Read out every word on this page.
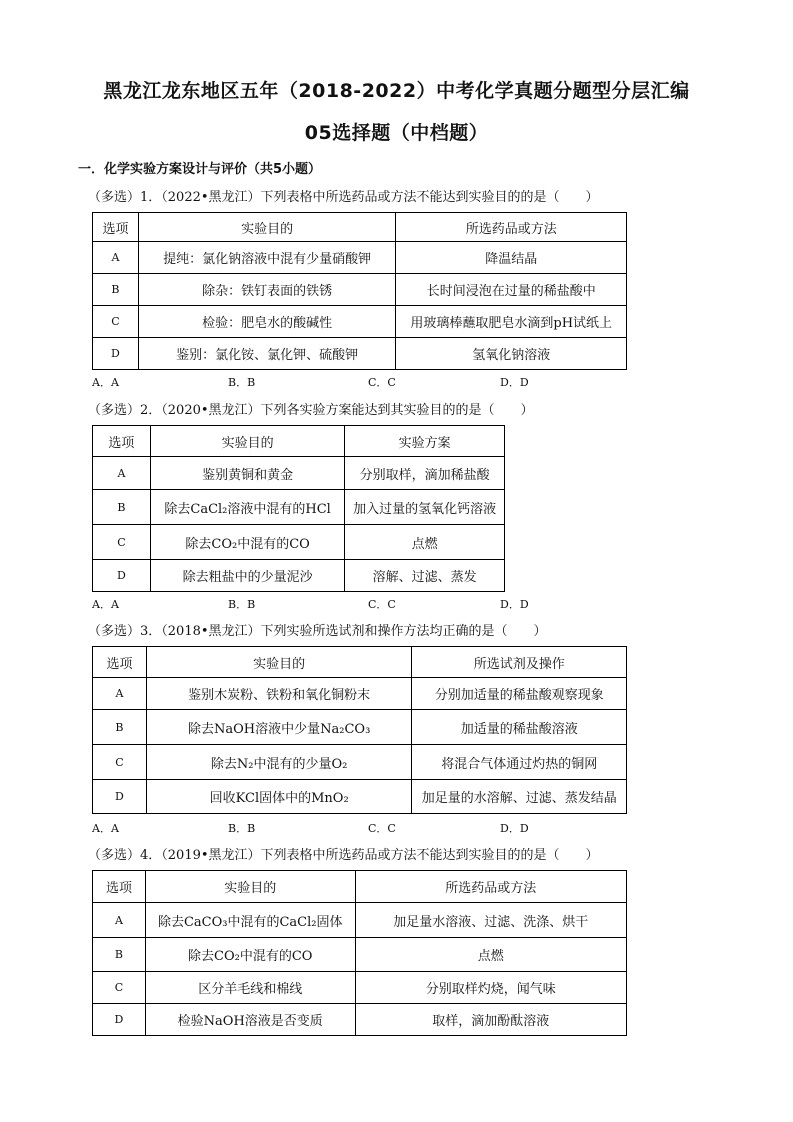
黑龙江龙东地区五年（2018-2022）中考化学真题分题型分层汇编
05选择题（中档题）
一．化学实验方案设计与评价（共5小题）
（多选）1．（2022•黑龙江）下列表格中所选药品或方法不能达到实验目的的是（　　）
选项	实验目的	所选药品或方法
A	提纯：氯化钠溶液中混有少量硝酸钾	降温结晶
B	除杂：铁钉表面的铁锈	长时间浸泡在过量的稀盐酸中
C	检验：肥皂水的酸碱性	用玻璃棒蘸取肥皂水滴到pH试纸上
D	鉴别：氯化铵、氯化钾、硫酸钾	氢氧化钠溶液
A．A	B．B	C．C	D．D
（多选）2．（2020•黑龙江）下列各实验方案能达到其实验目的的是（　　）
选项	实验目的	实验方案
A	鉴别黄铜和黄金	分别取样，滴加稀盐酸
B	除去CaCl₂溶液中混有的HCl	加入过量的氢氧化钙溶液
C	除去CO₂中混有的CO	点燃
D	除去粗盐中的少量泥沙	溶解、过滤、蒸发
A．A	B．B	C．C	D．D
（多选）3．（2018•黑龙江）下列实验所选试剂和操作方法均正确的是（　　）
选项	实验目的	所选试剂及操作
A	鉴别木炭粉、铁粉和氧化铜粉末	分别加适量的稀盐酸观察现象
B	除去NaOH溶液中少量Na₂CO₃	加适量的稀盐酸溶液
C	除去N₂中混有的少量O₂	将混合气体通过灼热的铜网
D	回收KCl固体中的MnO₂	加足量的水溶解、过滤、蒸发结晶
A．A	B．B	C．C	D．D
（多选）4．（2019•黑龙江）下列表格中所选药品或方法不能达到实验目的的是（　　）
选项	实验目的	所选药品或方法
A	除去CaCO₃中混有的CaCl₂固体	加足量水溶液、过滤、洗涤、烘干
B	除去CO₂中混有的CO	点燃
C	区分羊毛线和棉线	分别取样灼烧，闻气味
D	检验NaOH溶液是否变质	取样，滴加酚酞溶液
